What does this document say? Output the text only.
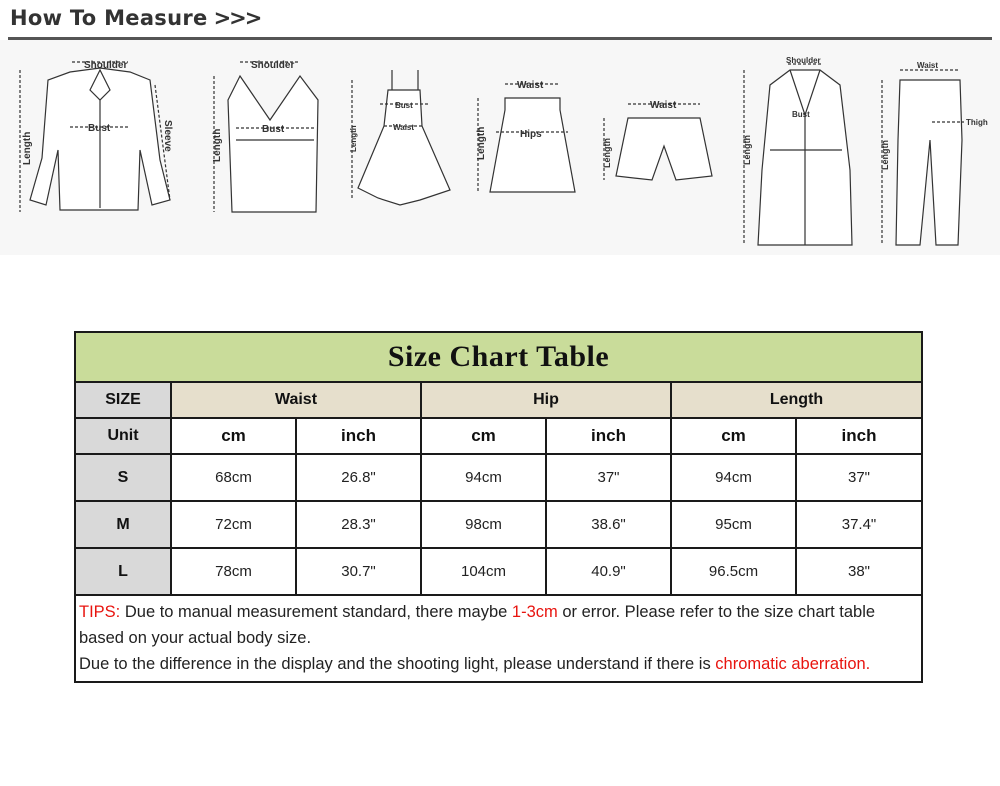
How To Measure >>>
Shoulder
Bust	Sleeve
Length
Shoulder
Bust
Length
Bust
Waist
Length
Waist
Hips
Length
Waist
Length
Shoulder
Bust
Length
Waist
Thigh
Length
Size Chart Table						
SIZE	Waist		Hip		Length	
Unit	cm	inch	cm	inch	cm	inch
S	68cm	26.8"	94cm	37"	94cm	37"
M	72cm	28.3"	98cm	38.6"	95cm	37.4"
L	78cm	30.7"	104cm	40.9"	96.5cm	38"
TIPS: Due to manual measurement standard, there maybe 1-3cm or error. Please refer to the size chart table based on your actual body size.
Due to the difference in the display and the shooting light, please understand if there is chromatic aberration.						
